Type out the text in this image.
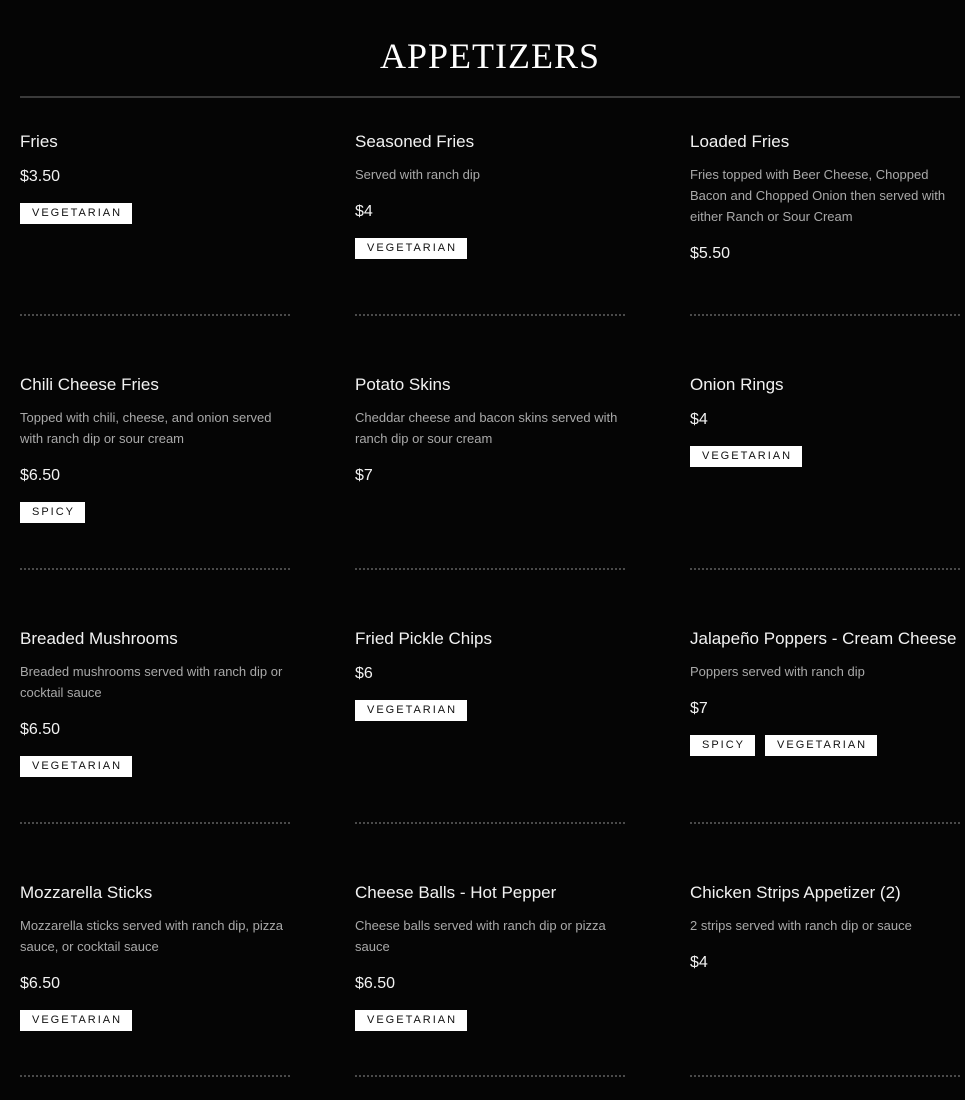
APPETIZERS
Fries
$3.50
VEGETARIAN
Seasoned Fries
Served with ranch dip
$4
VEGETARIAN
Loaded Fries
Fries topped with Beer Cheese, Chopped Bacon and Chopped Onion then served with either Ranch or Sour Cream
$5.50
Chili Cheese Fries
Topped with chili, cheese, and onion served with ranch dip or sour cream
$6.50
SPICY
Potato Skins
Cheddar cheese and bacon skins served with ranch dip or sour cream
$7
Onion Rings
$4
VEGETARIAN
Breaded Mushrooms
Breaded mushrooms served with ranch dip or cocktail sauce
$6.50
VEGETARIAN
Fried Pickle Chips
$6
VEGETARIAN
Jalapeño Poppers - Cream Cheese
Poppers served with ranch dip
$7
SPICY	VEGETARIAN
Mozzarella Sticks
Mozzarella sticks served with ranch dip, pizza sauce, or cocktail sauce
$6.50
VEGETARIAN
Cheese Balls - Hot Pepper
Cheese balls served with ranch dip or pizza sauce
$6.50
VEGETARIAN
Chicken Strips Appetizer (2)
2 strips served with ranch dip or sauce
$4
